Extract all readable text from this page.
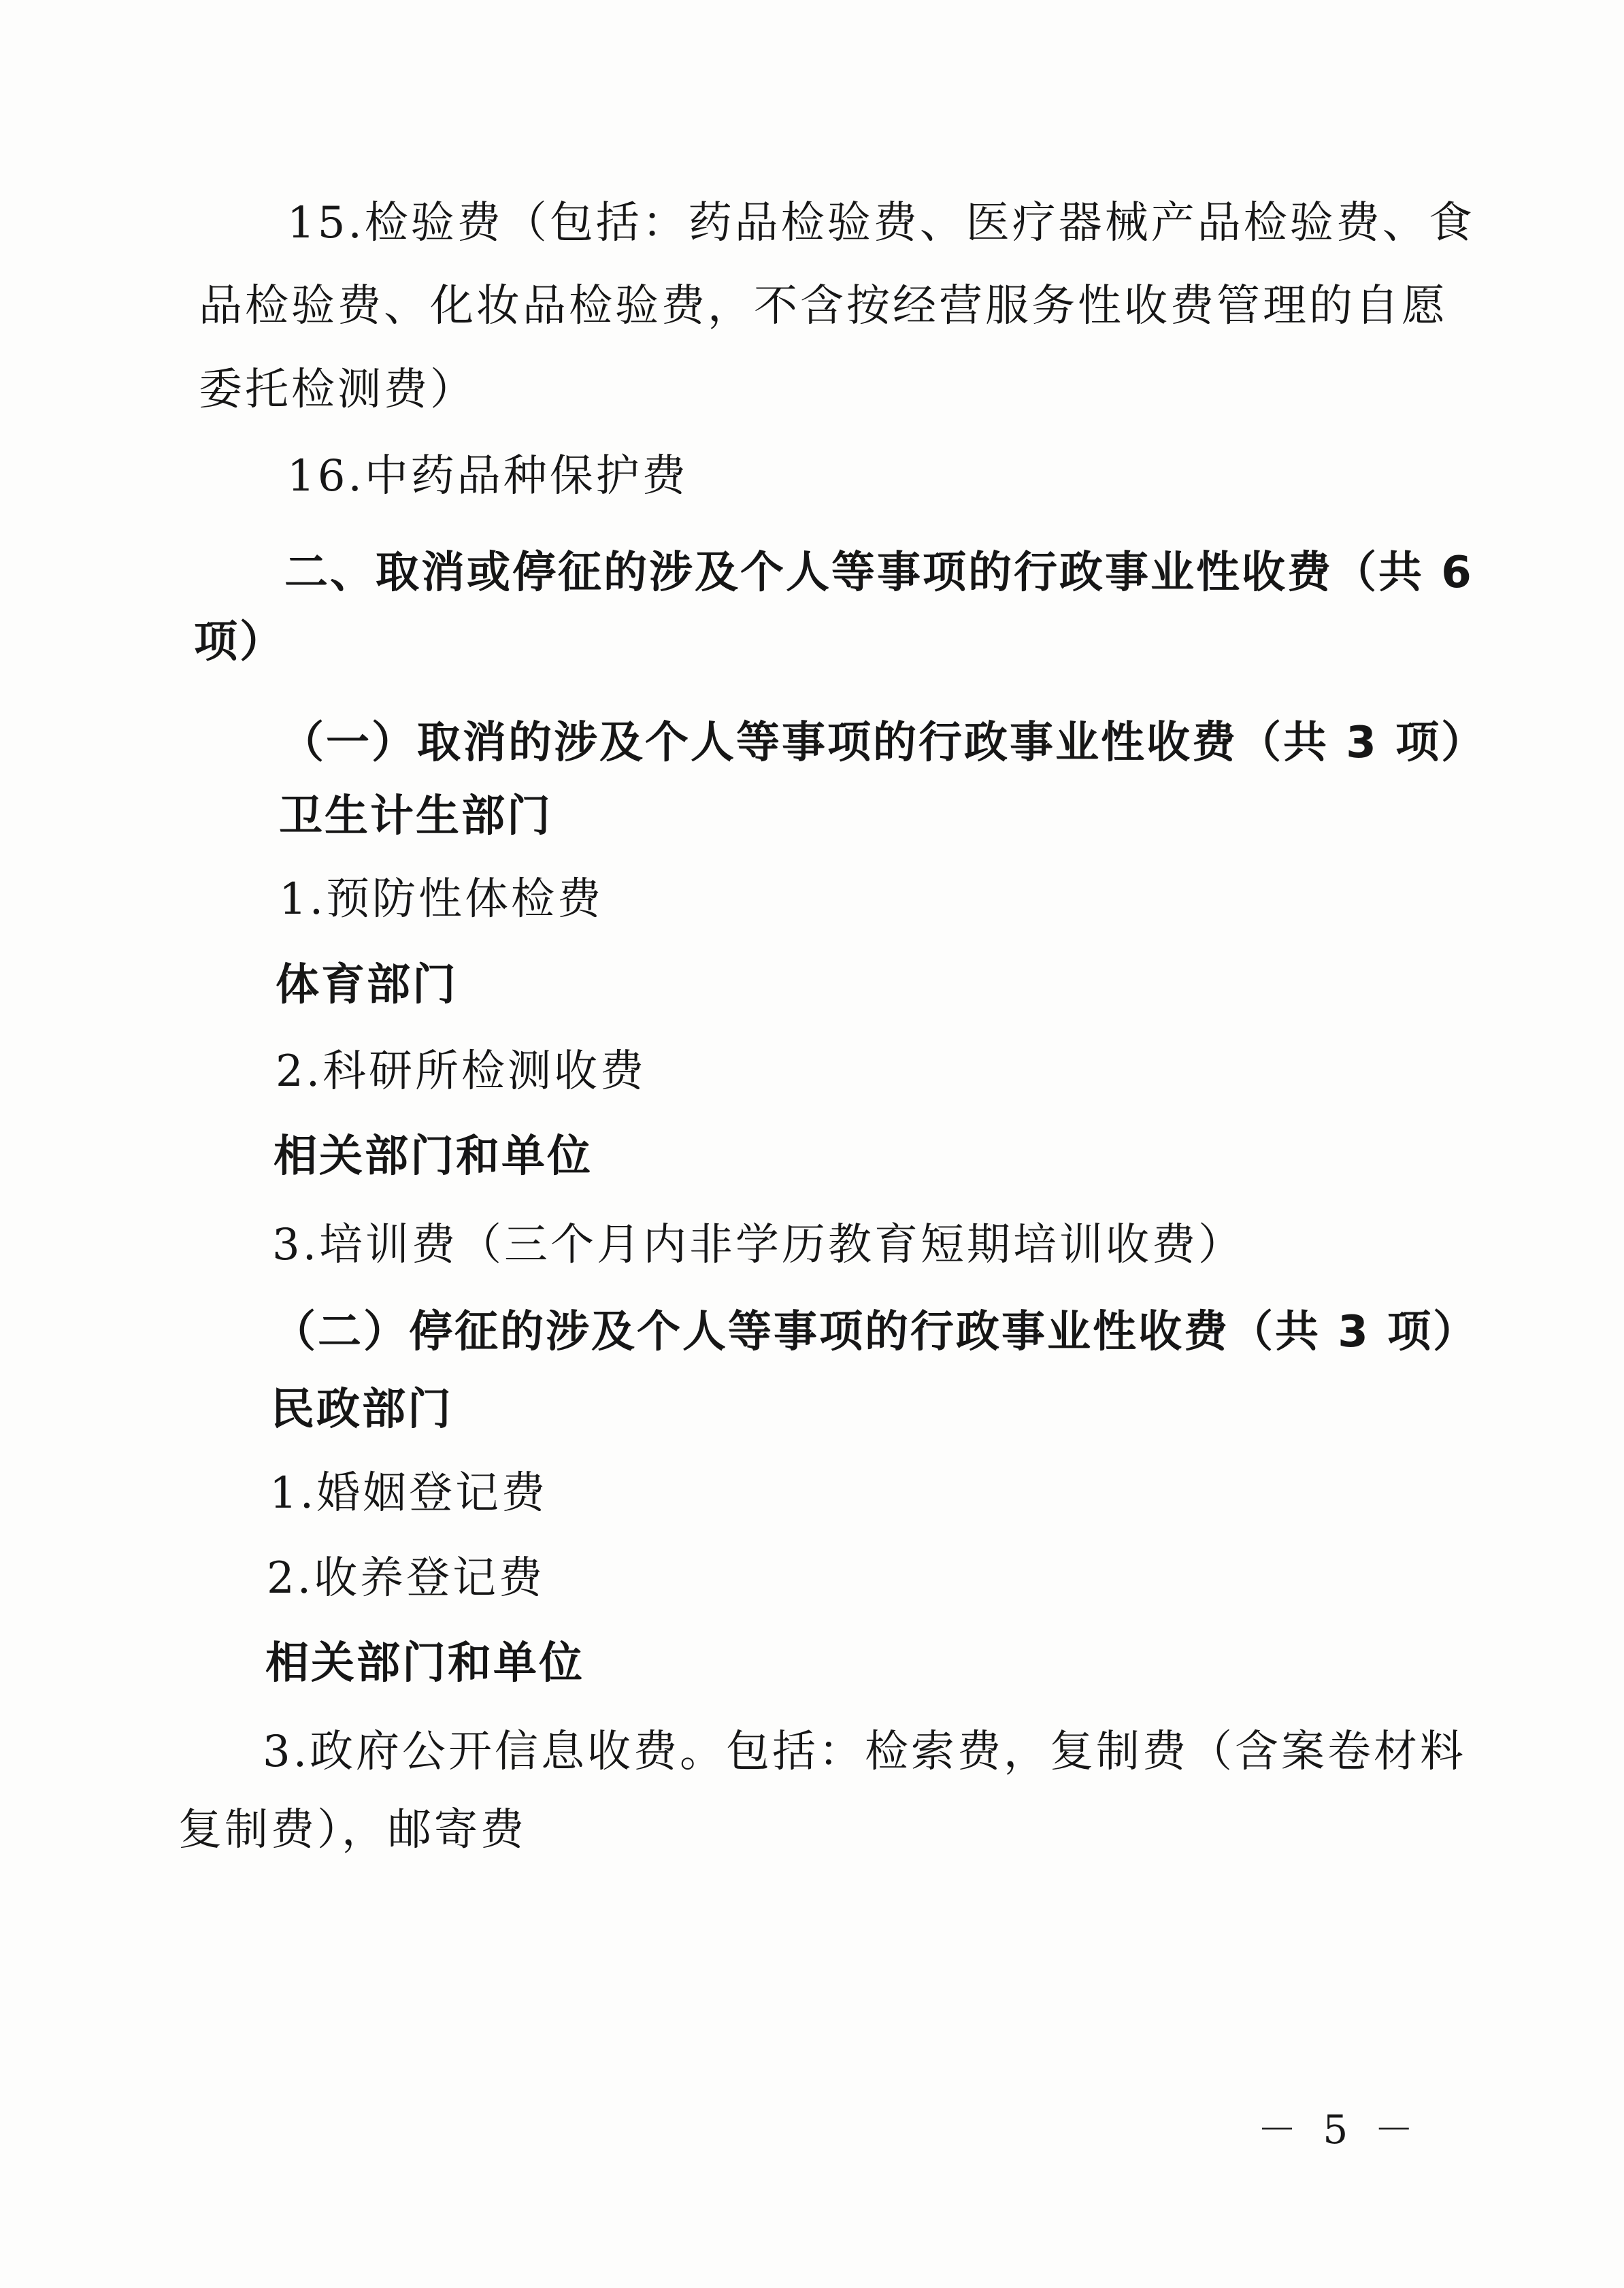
15.检验费（包括：药品检验费、医疗器械产品检验费、食
品检验费、化妆品检验费，不含按经营服务性收费管理的自愿
委托检测费）
16.中药品种保护费
二、取消或停征的涉及个人等事项的行政事业性收费（共 6
项）
（一）取消的涉及个人等事项的行政事业性收费（共 3 项）
卫生计生部门
1.预防性体检费
体育部门
2.科研所检测收费
相关部门和单位
3.培训费（三个月内非学历教育短期培训收费）
（二）停征的涉及个人等事项的行政事业性收费（共 3 项）
民政部门
1.婚姻登记费
2.收养登记费
相关部门和单位
3.政府公开信息收费。包括：检索费，复制费（含案卷材料
复制费），邮寄费
－ 5 －
